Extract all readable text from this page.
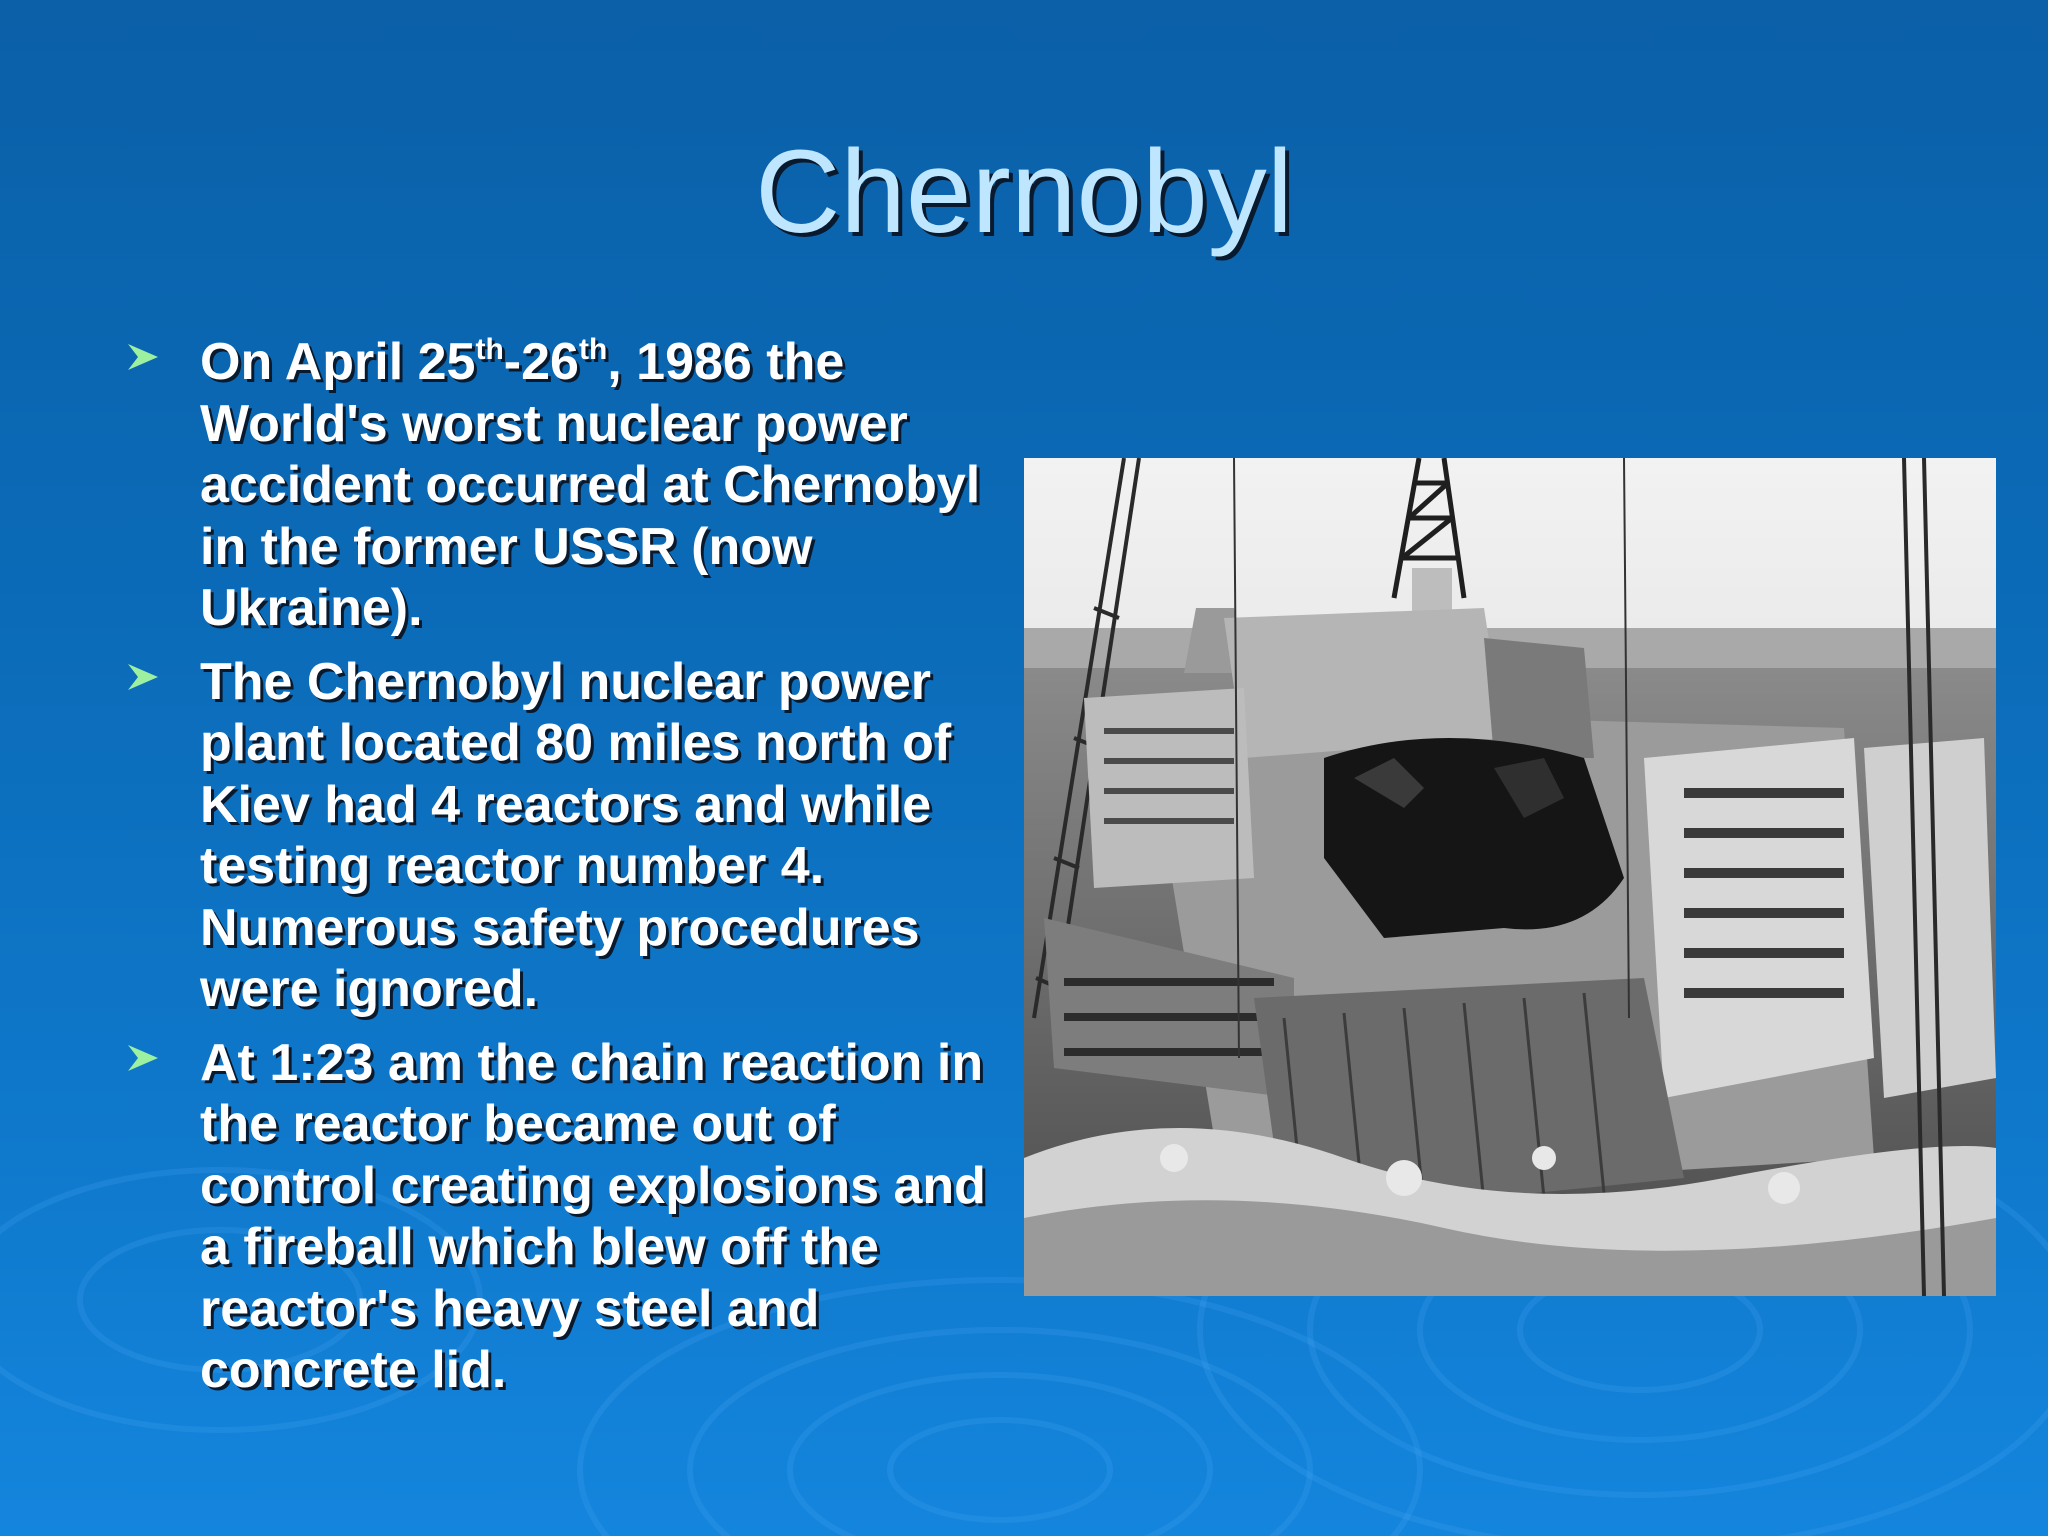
Chernobyl
On April 25th-26th, 1986 the World's worst nuclear power accident occurred at Chernobyl in the former USSR (now Ukraine).
The Chernobyl nuclear power plant located 80 miles north of Kiev had 4 reactors and while testing reactor number 4. Numerous safety procedures were ignored.
At 1:23 am the chain reaction in the reactor became out of control creating explosions and a fireball which blew off the reactor's heavy steel and concrete lid.
